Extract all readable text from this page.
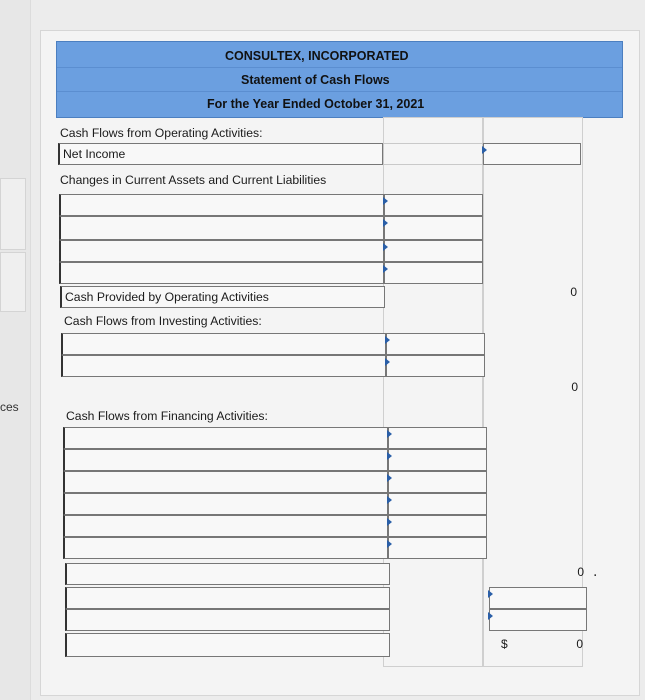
ces
CONSULTEX, INCORPORATED
Statement of Cash Flows
For the Year Ended October 31, 2021
Cash Flows from Operating Activities:
Net Income
Changes in Current Assets and Current Liabilities
Cash Provided by Operating Activities	0
Cash Flows from Investing Activities:
0
Cash Flows from Financing Activities:
0 .
$	0
